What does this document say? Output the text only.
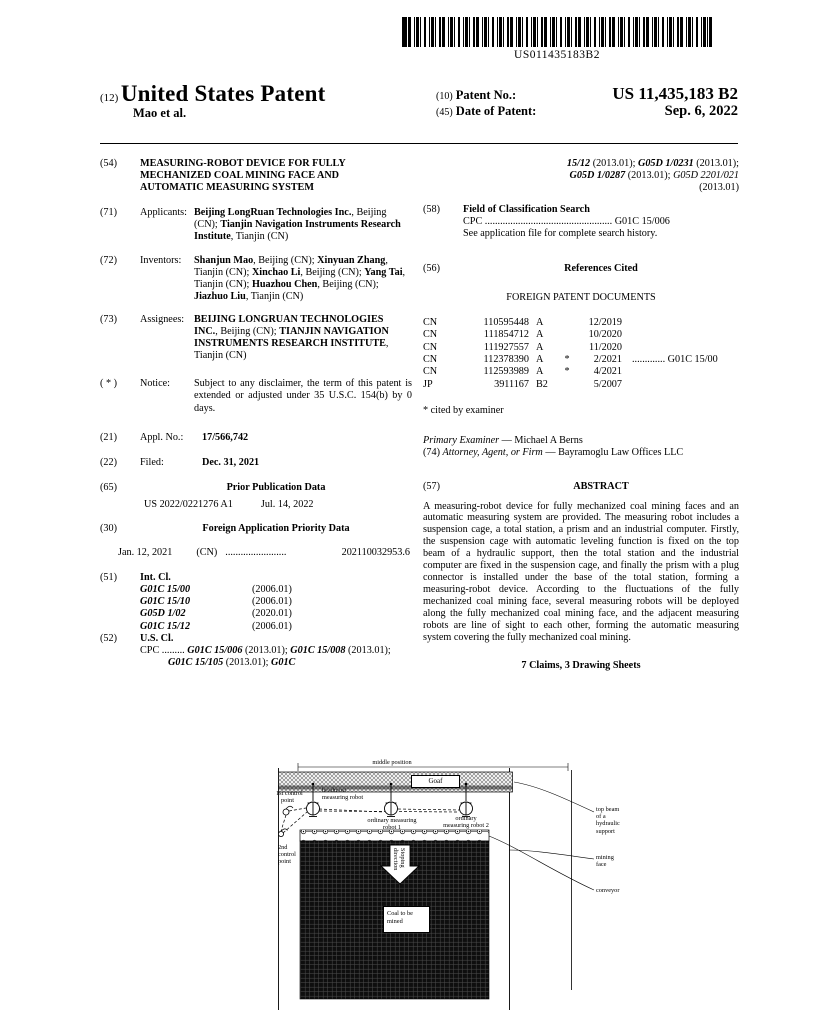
US011435183B2
(12) United States Patent
Mao et al.
(10) Patent No.:	US 11,435,183 B2
(45) Date of Patent:	Sep. 6, 2022
(54)	MEASURING-ROBOT DEVICE FOR FULLY MECHANIZED COAL MINING FACE AND AUTOMATIC MEASURING SYSTEM
(71)	Applicants: Beijing LongRuan Technologies Inc., Beijing (CN); Tianjin Navigation Instruments Research Institute, Tianjin (CN)
(72)	Inventors:	Shanjun Mao, Beijing (CN); Xinyuan Zhang, Tianjin (CN); Xinchao Li, Beijing (CN); Yang Tai, Tianjin (CN); Huazhou Chen, Beijing (CN); Jiazhuo Liu, Tianjin (CN)
(73)	Assignees: BEIJING LONGRUAN TECHNOLOGIES INC., Beijing (CN); TIANJIN NAVIGATION INSTRUMENTS RESEARCH INSTITUTE, Tianjin (CN)
( * )	Notice:	Subject to any disclaimer, the term of this patent is extended or adjusted under 35 U.S.C. 154(b) by 0 days.
(21)	Appl. No.:	17/566,742
(22)	Filed:	Dec. 31, 2021
(65)	Prior Publication Data
US 2022/0221276 A1	Jul. 14, 2022
(30)	Foreign Application Priority Data
Jan. 12, 2021 (CN) ........................	202110032953.6
(51)	Int. Cl.
G01C 15/00	(2006.01)
G01C 15/10	(2006.01)
G05D 1/02	(2020.01)
G01C 15/12	(2006.01)
(52)	U.S. Cl.
CPC ......... G01C 15/006 (2013.01); G01C 15/008 (2013.01); G01C 15/105 (2013.01); G01C
15/12 (2013.01); G05D 1/0231 (2013.01);
G05D 1/0287 (2013.01); G05D 2201/021
(2013.01)
(58)	Field of Classification Search
CPC .................................................. G01C 15/006
See application file for complete search history.
(56)	References Cited
FOREIGN PATENT DOCUMENTS
CN	110595448 A	12/2019
CN	111854712 A	10/2020
CN	111927557 A	11/2020
CN	112378390 A	*	2/2021 ............. G01C 15/00
CN	112593989 A	*	4/2021
JP	3911167 B2	5/2007
* cited by examiner
Primary Examiner — Michael A Berns
(74) Attorney, Agent, or Firm — Bayramoglu Law Offices LLC
(57)	ABSTRACT
A measuring-robot device for fully mechanized coal mining faces and an automatic measuring system are provided. The measuring robot includes a suspension cage, a total station, a prism and an industrial computer. Firstly, the suspension cage with automatic leveling function is fixed on the top beam of a hydraulic support, then the total station and the industrial computer are fixed in the suspension cage, and finally the prism with a plug connector is installed under the base of the total station, forming a measuring-robot device. According to the fluctuations of the fully mechanized coal mining face, several measuring robots will be deployed along the fully mechanized coal mining face, and the adjacent measuring robots are line of sight to each other, forming the automatic measuring system covering the fully mechanized coal mining.
7 Claims, 3 Drawing Sheets
middle position
Goaf
1st control
point
headmost
measuring robot
ordinary measuring
robot 1
ordinary
measuring robot 2
2nd
control
point	Stoping
direction
Coal to be
mined
top beam
of a
hydraulic
support
mining
face
conveyor
